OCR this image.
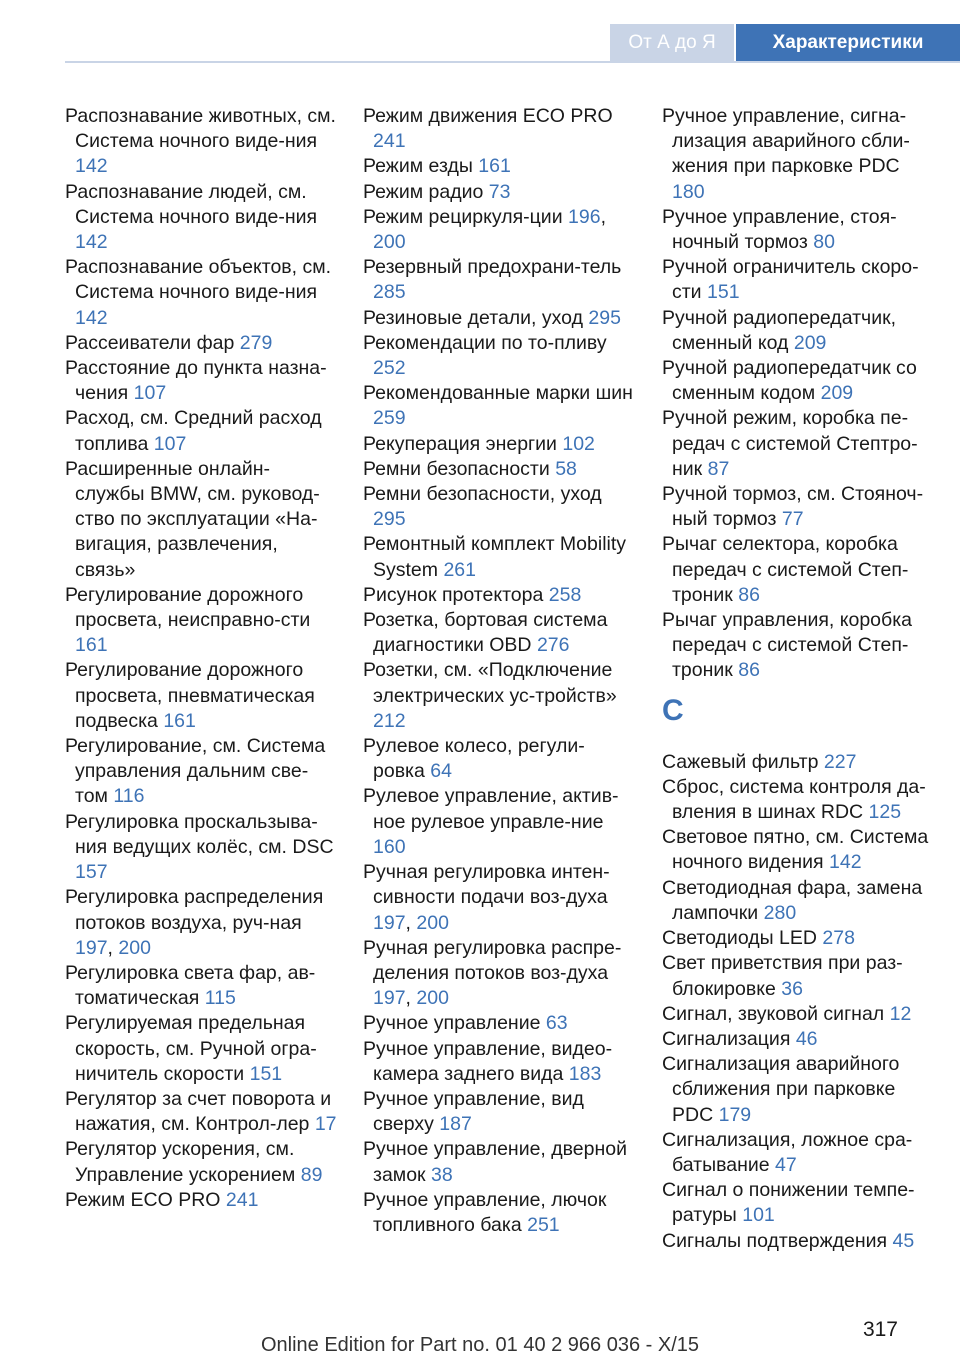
От А до Я	Характеристики
Распознавание животных, см. Система ночного виде-ния 142
Распознавание людей, см. Система ночного виде-ния 142
Распознавание объектов, см. Система ночного виде-ния 142
Рассеиватели фар 279
Расстояние до пункта назна-чения 107
Расход, см. Средний расход топлива 107
Расширенные онлайн-службы BMW, см. руковод-ство по эксплуатации «На-вигация, развлечения, связь»
Регулирование дорожного просвета, неисправно-сти 161
Регулирование дорожного просвета, пневматическая подвеска 161
Регулирование, см. Система управления дальним све-том 116
Регулировка проскальзыва-ния ведущих колёс, см. DSC 157
Регулировка распределения потоков воздуха, руч-ная 197, 200
Регулировка света фар, ав-томатическая 115
Регулируемая предельная скорость, см. Ручной огра-ничитель скорости 151
Регулятор за счет поворота и нажатия, см. Контрол-лер 17
Регулятор ускорения, см. Управление ускорением 89
Режим ECO PRO 241
Режим движения ECO PRO 241
Режим езды 161
Режим радио 73
Режим рециркуля-ции 196, 200
Резервный предохрани-тель 285
Резиновые детали, уход 295
Рекомендации по то-пливу 252
Рекомендованные марки шин 259
Рекуперация энергии 102
Ремни безопасности 58
Ремни безопасности, уход 295
Ремонтный комплект Mobility System 261
Рисунок протектора 258
Розетка, бортовая система диагностики OBD 276
Розетки, см. «Подключение электрических ус-тройств» 212
Рулевое колесо, регули-ровка 64
Рулевое управление, актив-ное рулевое управле-ние 160
Ручная регулировка интен-сивности подачи воз-духа 197, 200
Ручная регулировка распре-деления потоков воз-духа 197, 200
Ручное управление 63
Ручное управление, видео-камера заднего вида 183
Ручное управление, вид сверху 187
Ручное управление, дверной замок 38
Ручное управление, лючок топливного бака 251
Ручное управление, сигна-лизация аварийного сбли-жения при парковке PDC 180
Ручное управление, стоя-ночный тормоз 80
Ручной ограничитель скоро-сти 151
Ручной радиопередатчик, сменный код 209
Ручной радиопередатчик со сменным кодом 209
Ручной режим, коробка пе-редач с системой Стептро-ник 87
Ручной тормоз, см. Стояноч-ный тормоз 77
Рычаг селектора, коробка передач с системой Степ-троник 86
Рычаг управления, коробка передач с системой Степ-троник 86
С
Сажевый фильтр 227
Сброс, система контроля да-вления в шинах RDC 125
Световое пятно, см. Система ночного видения 142
Светодиодная фара, замена лампочки 280
Светодиоды LED 278
Свет приветствия при раз-блокировке 36
Сигнал, звуковой сигнал 12
Сигнализация 46
Сигнализация аварийного сближения при парковке PDC 179
Сигнализация, ложное сра-батывание 47
Сигнал о понижении темпе-ратуры 101
Сигналы подтверждения 45
317
Online Edition for Part no. 01 40 2 966 036 - X/15
